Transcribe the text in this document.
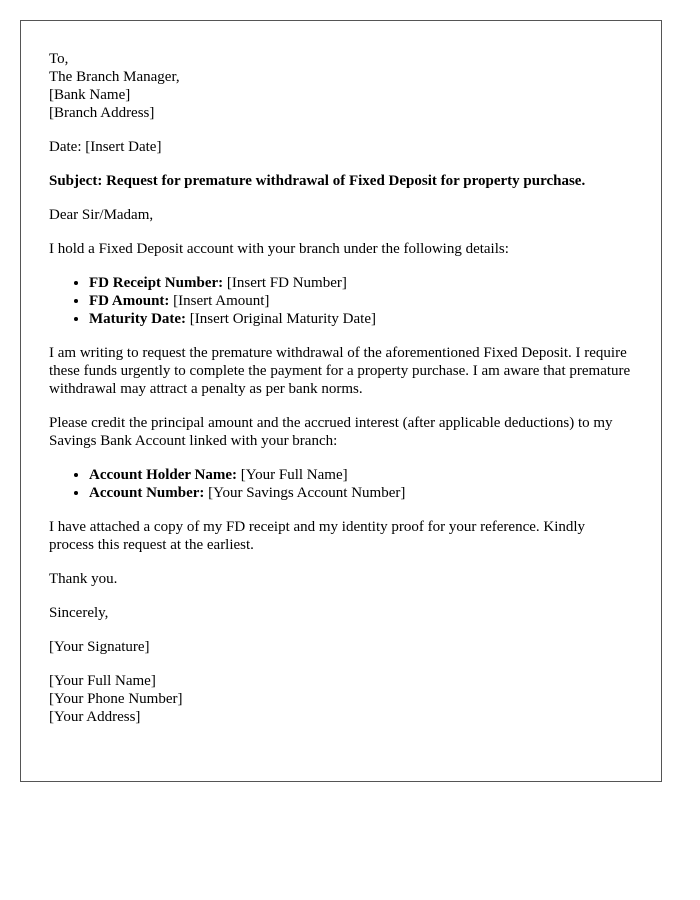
To,
The Branch Manager,
[Bank Name]
[Branch Address]
Date: [Insert Date]
Subject: Request for premature withdrawal of Fixed Deposit for property purchase.
Dear Sir/Madam,
I hold a Fixed Deposit account with your branch under the following details:
• FD Receipt Number: [Insert FD Number]
• FD Amount: [Insert Amount]
• Maturity Date: [Insert Original Maturity Date]
I am writing to request the premature withdrawal of the aforementioned Fixed Deposit. I require these funds urgently to complete the payment for a property purchase. I am aware that premature withdrawal may attract a penalty as per bank norms.
Please credit the principal amount and the accrued interest (after applicable deductions) to my Savings Bank Account linked with your branch:
• Account Holder Name: [Your Full Name]
• Account Number: [Your Savings Account Number]
I have attached a copy of my FD receipt and my identity proof for your reference. Kindly process this request at the earliest.
Thank you.
Sincerely,
[Your Signature]
[Your Full Name]
[Your Phone Number]
[Your Address]
